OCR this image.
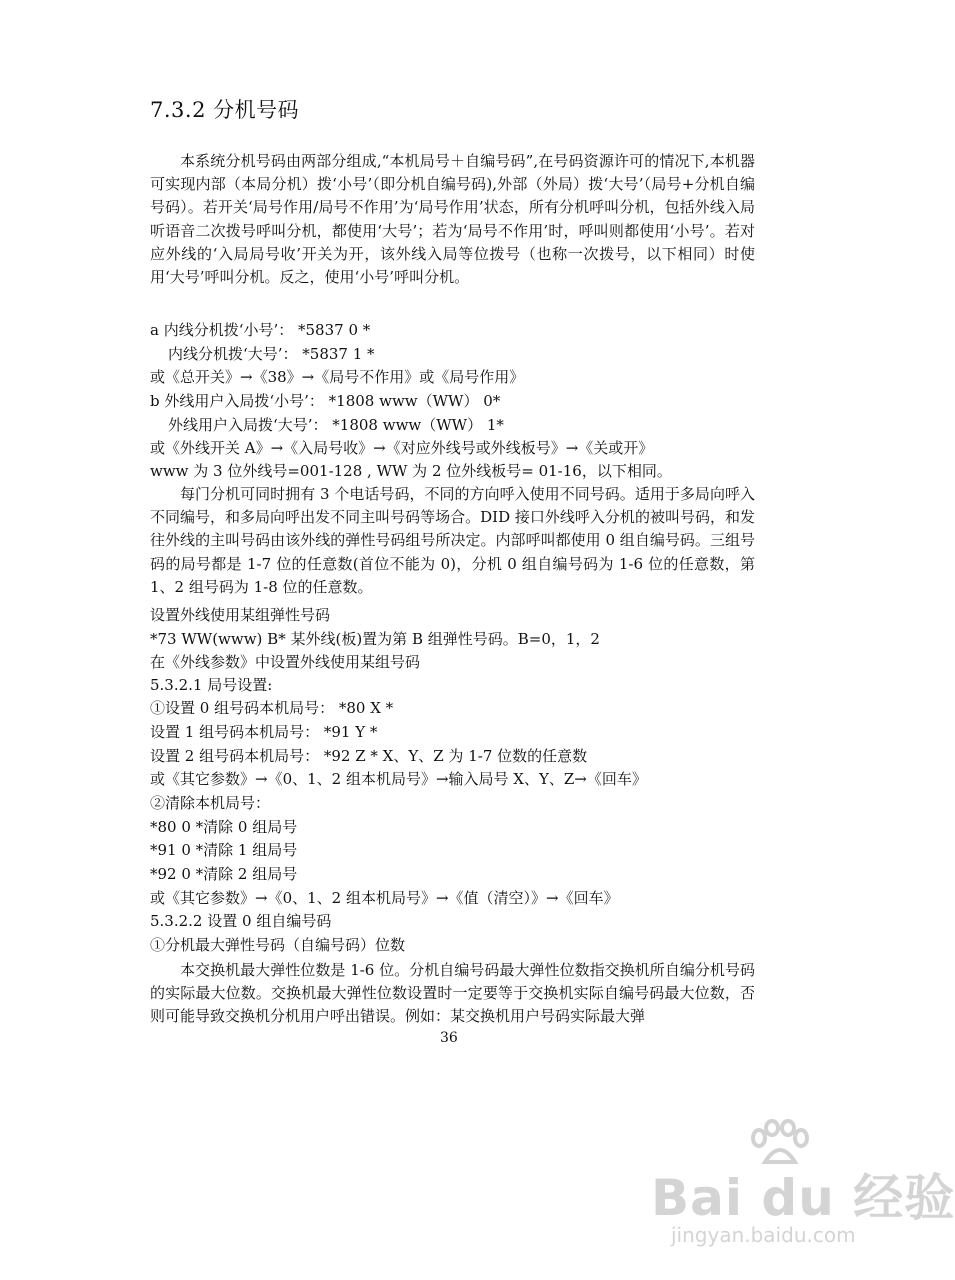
7.3.2 分机号码
本系统分机号码由两部分组成,“本机局号＋自编号码”,在号码资源许可的情况下,本机器可实现内部（本局分机）拨‘小号’（即分机自编号码),外部（外局）拨‘大号’（局号+分机自编号码）。若开关‘局号作用/局号不作用’为‘局号作用’状态，所有分机呼叫分机，包括外线入局听语音二次拨号呼叫分机，都使用‘大号’；若为‘局号不作用’时，呼叫则都使用‘小号’。若对应外线的‘入局局号收’开关为开，该外线入局等位拨号（也称一次拨号，以下相同）时使用‘大号’呼叫分机。反之，使用‘小号’呼叫分机。
a 内线分机拨‘小号’： *5837 0 *
内线分机拨‘大号’： *5837 1 *
或《总开关》→《38》→《局号不作用》或《局号作用》
b 外线用户入局拨‘小号’： *1808 www（WW） 0*
外线用户入局拨‘大号’： *1808 www（WW） 1*
或《外线开关 A》→《入局号收》→《对应外线号或外线板号》→《关或开》
www 为 3 位外线号=001-128 , WW 为 2 位外线板号= 01-16，以下相同。
每门分机可同时拥有 3 个电话号码，不同的方向呼入使用不同号码。适用于多局向呼入不同编号，和多局向呼出发不同主叫号码等场合。DID 接口外线呼入分机的被叫号码，和发往外线的主叫号码由该外线的弹性号码组号所决定。内部呼叫都使用 0 组自编号码。三组号码的局号都是 1-7 位的任意数(首位不能为 0)，分机 0 组自编号码为 1-6 位的任意数，第 1、2 组号码为 1-8 位的任意数。
设置外线使用某组弹性号码
*73 WW(www) B* 某外线(板)置为第 B 组弹性号码。B=0，1，2
在《外线参数》中设置外线使用某组号码
5.3.2.1 局号设置:
①设置 0 组号码本机局号： *80 X *
设置 1 组号码本机局号： *91 Y *
设置 2 组号码本机局号： *92 Z * X、Y、Z 为 1-7 位数的任意数
或《其它参数》→《0、1、2 组本机局号》→输入局号 X、Y、Z→《回车》
②清除本机局号：
*80 0 *清除 0 组局号
*91 0 *清除 1 组局号
*92 0 *清除 2 组局号
或《其它参数》→《0、1、2 组本机局号》→《值（清空）》→《回车》
5.3.2.2 设置 0 组自编号码
①分机最大弹性号码（自编号码）位数
本交换机最大弹性位数是 1-6 位。分机自编号码最大弹性位数指交换机所自编分机号码的实际最大位数。交换机最大弹性位数设置时一定要等于交换机实际自编号码最大位数，否则可能导致交换机分机用户呼出错误。例如：某交换机用户号码实际最大弹
36
Bai du 经验
jingyan.baidu.com
